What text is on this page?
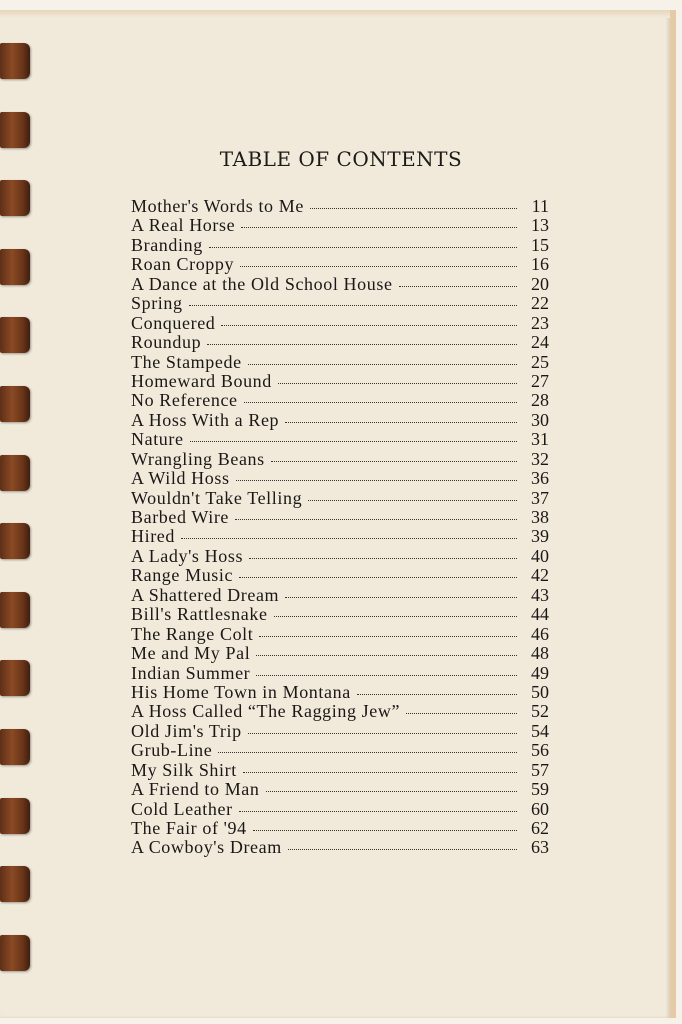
TABLE OF CONTENTS
Mother's Words to Me	11
A Real Horse	13
Branding	15
Roan Croppy	16
A Dance at the Old School House	20
Spring	22
Conquered	23
Roundup	24
The Stampede	25
Homeward Bound	27
No Reference	28
A Hoss With a Rep	30
Nature	31
Wrangling Beans	32
A Wild Hoss	36
Wouldn't Take Telling	37
Barbed Wire	38
Hired	39
A Lady's Hoss	40
Range Music	42
A Shattered Dream	43
Bill's Rattlesnake	44
The Range Colt	46
Me and My Pal	48
Indian Summer	49
His Home Town in Montana	50
A Hoss Called “The Ragging Jew”	52
Old Jim's Trip	54
Grub-Line	56
My Silk Shirt	57
A Friend to Man	59
Cold Leather	60
The Fair of '94	62
A Cowboy's Dream	63
